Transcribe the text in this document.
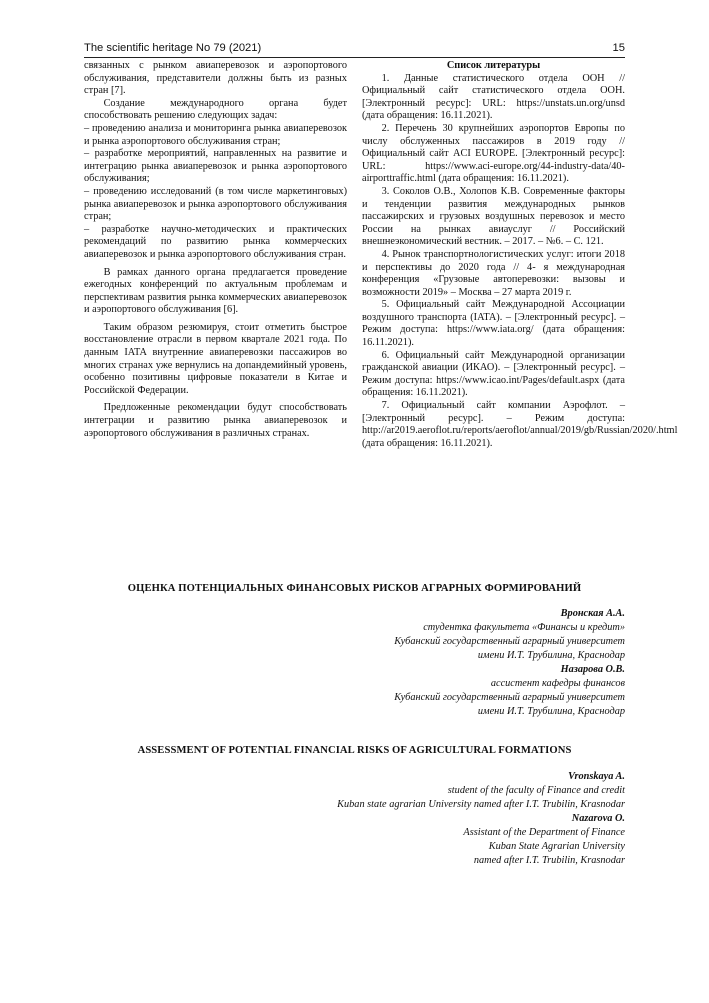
The scientific heritage No 79 (2021)	15

связанных с рынком авиаперевозок и аэропортового обслуживания, представители должны быть из разных стран [7].

Создание международного органа будет способствовать решению следующих задач:

– проведению анализа и мониторинга рынка авиаперевозок и рынка аэропортового обслуживания стран;

– разработке мероприятий, направленных на развитие и интеграцию рынка авиаперевозок и рынка аэропортового обслуживания;

– проведению исследований (в том числе маркетинговых) рынка авиаперевозок и рынка аэропортового обслуживания стран;

– разработке научно-методических и практических рекомендаций по развитию рынка коммерческих авиаперевозок и рынка аэропортового обслуживания стран.

В рамках данного органа предлагается проведение ежегодных конференций по актуальным проблемам и перспективам развития рынка коммерческих авиаперевозок и аэропортового обслуживания [6].

Таким образом резюмируя, стоит отметить быстрое восстановление отрасли в первом квартале 2021 года. По данным IATA внутренние авиаперевозки пассажиров во многих странах уже вернулись на допандемийный уровень, особенно позитивны цифровые показатели в Китае и Российской Федерации.

Предложенные рекомендации будут способствовать интеграции и развитию рынка авиаперевозок и аэропортового обслуживания в различных странах.

Список литературы

1. Данные статистического отдела ООН // Официальный сайт статистического отдела ООН. [Электронный ресурс]: URL: https://unstats.un.org/unsd (дата обращения: 16.11.2021).

2. Перечень 30 крупнейших аэропортов Европы по числу обслуженных пассажиров в 2019 году // Официальный сайт ACI EUROPE. [Электронный ресурс]: URL: https://www.aci-europe.org/44-industry-data/40-airporttraffic.html (дата обращения: 16.11.2021).

3. Соколов О.В., Холопов К.В. Современные факторы и тенденции развития международных рынков пассажирских и грузовых воздушных перевозок и место России на рынках авиауслуг // Российский внешнеэкономический вестник. – 2017. – №6. – С. 121.

4. Рынок транспортнологистических услуг: итоги 2018 и перспективы до 2020 года // 4- я международная конференция «Грузовые автоперевозки: вызовы и возможности 2019» – Москва – 27 марта 2019 г.

5. Официальный сайт Международной Ассоциации воздушного транспорта (IATA). – [Электронный ресурс]. – Режим доступа: https://www.iata.org/ (дата обращения: 16.11.2021).

6. Официальный сайт Международной организации гражданской авиации (ИКАО). – [Электронный ресурс]. – Режим доступа: https://www.icao.int/Pages/default.aspx (дата обращения: 16.11.2021).

7. Официальный сайт компании Аэрофлот. – [Электронный ресурс]. – Режим доступа: http://ar2019.aeroflot.ru/reports/aeroflot/annual/2019/gb/Russian/2020/.html (дата обращения: 16.11.2021).

ОЦЕНКА ПОТЕНЦИАЛЬНЫХ ФИНАНСОВЫХ РИСКОВ АГРАРНЫХ ФОРМИРОВАНИЙ
Вронская А.А.
студентка факультета «Финансы и кредит»
Кубанский государственный аграрный университет
имени И.Т. Трубилина, Краснодар
Назарова О.В.
ассистент кафедры финансов
Кубанский государственный аграрный университет
имени И.Т. Трубилина, Краснодар
ASSESSMENT OF POTENTIAL FINANCIAL RISKS OF AGRICULTURAL FORMATIONS
Vronskaya A.
student of the faculty of Finance and credit
Kuban state agrarian University named after I.T. Trubilin, Krasnodar
Nazarova O.
Assistant of the Department of Finance
Kuban State Agrarian University
named after I.T. Trubilin, Krasnodar
